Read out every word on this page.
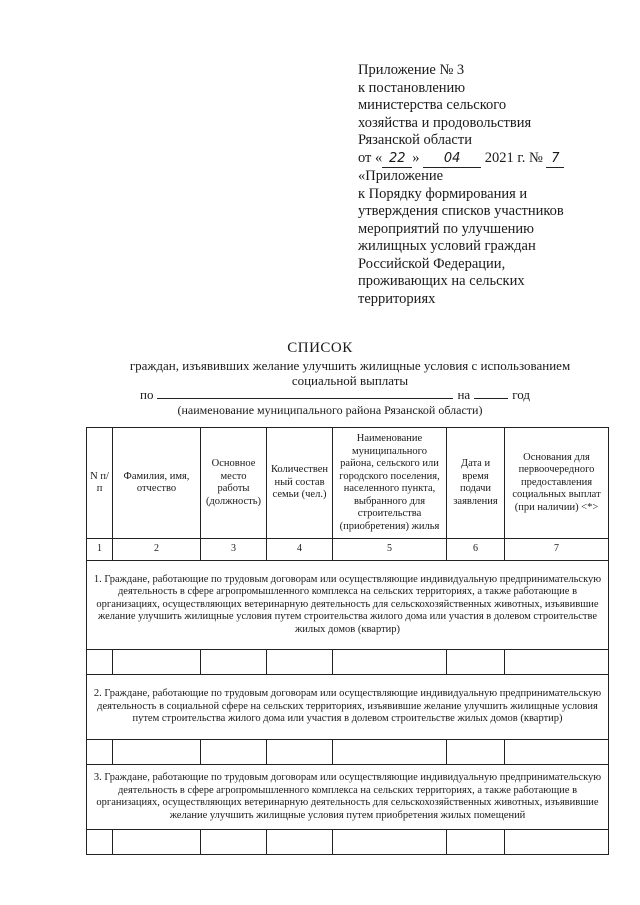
Приложение № 3
к постановлению
министерства сельского
хозяйства и продовольствия
Рязанской области
от « 22 » 04 2021 г. № 7
«Приложение
к Порядку формирования и
утверждения списков участников
мероприятий по улучшению
жилищных условий граждан
Российской Федерации,
проживающих на сельских
территориях
СПИСОК
граждан, изъявивших желание улучшить жилищные условия с использованием
социальной выплаты
по	на	год
(наименование муниципального района Рязанской области)
N п/п	Фамилия, имя, отчество	Основное место работы (должность)	Количествен ный состав семьи (чел.)	Наименование муниципального района, сельского или городского поселения, населенного пункта, выбранного для строительства (приобретения) жилья	Дата и время подачи заявления	Основания для первоочередного предоставления социальных выплат (при наличии) <*>
1	2	3	4	5	6	7
1. Граждане, работающие по трудовым договорам или осуществляющие индивидуальную предпринимательскую деятельность в сфере агропромышленного комплекса на сельских территориях, а также работающие в организациях, осуществляющих ветеринарную деятельность для сельскохозяйственных животных, изъявившие желание улучшить жилищные условия путем строительства жилого дома или участия в долевом строительстве жилых домов (квартир)						

2. Граждане, работающие по трудовым договорам или осуществляющие индивидуальную предпринимательскую деятельность в социальной сфере на сельских территориях, изъявившие желание улучшить жилищные условия путем строительства жилого дома или участия в долевом строительстве жилых домов (квартир)						

3. Граждане, работающие по трудовым договорам или осуществляющие индивидуальную предпринимательскую деятельность в сфере агропромышленного комплекса на сельских территориях, а также работающие в организациях, осуществляющих ветеринарную деятельность для сельскохозяйственных животных, изъявившие желание улучшить жилищные условия путем приобретения жилых помещений						
